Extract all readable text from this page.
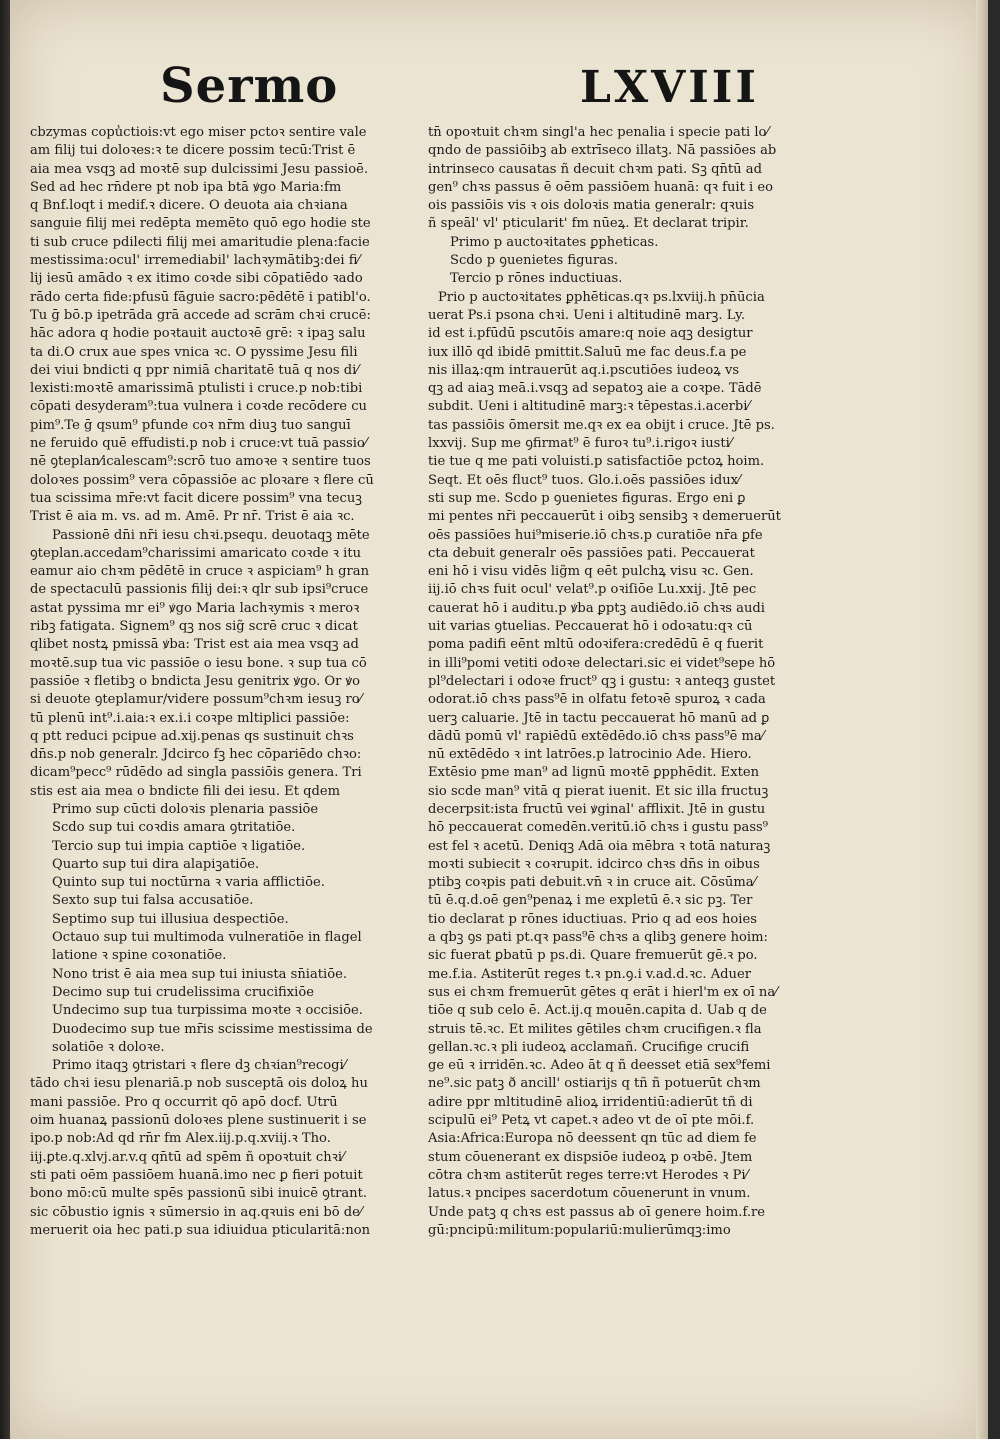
Sermo	LXVIII
cbzymas copu̾ctiois:vt ego miser pctoꝛ sentire vale
am filij tui doloꝛes:ꝛ te dicere possim tecū:Trist ē
aia mea vsqꝫ ad moꝛtē sup dulcissimi Jesu passioē.
Sed ad hec rn̄dere pt nob ipa btā ꝟgo Maria:fm
q Bnf.loqt i medif.ꝛ dicere. O deuota aia chꝛiana
sanguie filij mei redēpta memēto quō ego hodie ste
ti sub cruce pdilecti filij mei amaritudie plena:facie
mestissima:ocul' irremediabil' lachꝛymātibꝫ:dei fi⁄
lij iesū amādo ꝛ ex itimo coꝛde sibi cōpatiēdo ꝛado
rādo certa fide:pfusū fāguie sacro:pēdētē i patibl'o.
Tu ḡ bō.p ipetrāda grā accede ad scrām chꝛi crucē:
hāc adora q hodie poꝛtauit auctoꝛē grē: ꝛ ipaꝫ salu
ta di.O crux aue spes vnica ꝛc. O pyssime Jesu fili
dei viui bndicti q ppr nimiā charitatē tuā q nos di⁄
lexisti:moꝛtē amarissimā ptulisti i cruce.p nob:tibi
cōpati desyderam⁹:tua vulnera i coꝛde recōdere cu
pim⁹.Te ḡ qsum⁹ pfunde coꝛ nr̄m diuꝫ tuo sanguī
ne feruido quē effudisti.p nob i cruce:vt tuā passio⁄
nē ꝯteplan⁄icalescam⁹:scrō tuo amoꝛe ꝛ sentire tuos
doloꝛes possim⁹ vera cōpassiōe ac ploꝛare ꝛ flere cū
tua scissima mr̄e:vt facit dicere possim⁹ vna tecuꝫ
Trist ē aia m. vs. ad m. Amē. Pr nr̄. Trist ē aia ꝛc.
Passionē dn̄i nr̄i iesu chꝛi.psequ. deuotaqꝫ mēte
ꝯteplan.accedam⁹charissimi amaricato coꝛde ꝛ itu
eamur aio chꝛm pēdētē in cruce ꝛ aspiciam⁹ h gran
de spectaculū passionis filij dei:ꝛ qlr sub ipsi⁹cruce
astat pyssima mr ei⁹ ꝟgo Maria lachꝛymis ꝛ meroꝛ
ribꝫ fatigata. Signem⁹ qꝫ nos sig̃ scrē cruc ꝛ dicat
qlibet nostꝝ pmissā ꝟba: Trist est aia mea vsqꝫ ad
moꝛtē.sup tua vic passiōe o iesu bone. ꝛ sup tua cō
passiōe ꝛ fletibꝫ o bndicta Jesu genitrix ꝟgo. Or ꝟo
si deuote ꝯteplamur/videre possum⁹chꝛm iesuꝫ ro⁄
tū plenū int⁹.i.aia:ꝛ ex.i.i coꝛpe mltiplici passiōe:
q ptt reduci pcipue ad.xij.penas qs sustinuit chꝛs
dn̄s.p nob generalr. Jdcirco fꝫ hec cōpariēdo chꝛo:
dicam⁹pecc⁹ rūdēdo ad singla passiōis genera. Tri
stis est aia mea o bndicte fili dei iesu. Et qdem
Primo sup cūcti doloꝛis plenaria passiōe
Scdo sup tui coꝛdis amara ꝯtritatiōe.
Tercio sup tui impia captiōe ꝛ ligatiōe.
Quarto sup tui dira alapiꝫatiōe.
Quinto sup tui noctūrna ꝛ varia afflictiōe.
Sexto sup tui falsa accusatiōe.
Septimo sup tui illusiua despectiōe.
Octauo sup tui multimoda vulneratiōe in flagel
latione ꝛ spine coꝛonatiōe.
Nono trist ē aia mea sup tui iniusta sn̄iatiōe.
Decimo sup tui crudelissima crucifixiōe
Undecimo sup tua turpissima moꝛte ꝛ occisiōe.
Duodecimo sup tue mr̄is scissime mestissima de
solatiōe ꝛ doloꝛe.
Primo itaqꝫ ꝯtristari ꝛ flere dꝫ chꝛian⁹recogi⁄
tādo chꝛi iesu plenariā.p nob susceptā ois doloꝝ hu
mani passiōe. Pro q occurrit qō apō docf. Utrū
oim huanaꝝ passionū doloꝛes plene sustinuerit i se
ipo.p nob:Ad qd rn̄r fm Alex.iij.p.q.xviij.ꝛ Tho.
iij.ꝑte.q.xlvj.ar.v.q qn̄tū ad spēm ñ opoꝛtuit chꝛi⁄
sti pati oēm passiōem huanā.imo nec ꝑ fieri potuit
bono mō:cū multe spēs passionū sibi inuicē ꝯtrant.
sic cōbustio ignis ꝛ sūmersio in aq.qꝛuis eni bō de⁄
meruerit oia hec pati.p sua idiuidua pticularitā:non
tn̄ opoꝛtuit chꝛm singl'a hec penalia i specie pati lo⁄
qndo de passiōibꝫ ab extrīseco illatꝫ. Nā passiōes ab
intrinseco causatas ñ decuit chꝛm pati. Sꝫ qn̄tū ad
gen⁹ chꝛs passus ē oēm passiōem huanā: qꝛ fuit i eo
ois passiōis vis ꝛ ois doloꝛis matia generalr: qꝛuis
ñ speāl' vl' pticularit' fm nūeꝝ. Et declarat tripir.
Primo p auctoꝛitates ꝑpheticas.
Scdo p ꝯuenietes figuras.
Tercio p rōnes inductiuas.
Prio p auctoꝛitates ꝑphēticas.qꝛ ps.lxviij.h pn̄ūcia
uerat Ps.i psona chꝛi. Ueni i altitudinē marꝫ. Ly.
id est i.pfūdū pscutōis amare:q noie aqꝫ desigtur
iux illō qd ibidē pmittit.Saluū me fac deus.f.a pe
nis illaꝝ:qm intrauerūt aq.i.pscutiōes iudeoꝝ vs
qꝫ ad aiaꝫ meā.i.vsqꝫ ad sepatoꝫ aie a coꝛpe. Tādē
subdit. Ueni i altitudinē marꝫ:ꝛ tēpestas.i.acerbi⁄
tas passiōis ōmersit me.qꝛ ex ea obijt i cruce. Jtē ps.
lxxvij. Sup me ꝯfirmat⁹ ē furoꝛ tu⁹.i.rigoꝛ iusti⁄
tie tue q me pati voluisti.p satisfactiōe pctoꝝ hoim.
Seqt. Et oēs fluct⁹ tuos. Glo.i.oēs passiōes idux⁄
sti sup me. Scdo p ꝯuenietes figuras. Ergo eni ꝑ
mi pentes nr̄i peccauerūt i oibꝫ sensibꝫ ꝛ demeruerūt
oēs passiōes hui⁹miserie.iō chꝛs.p curatiōe nr̄a ꝑfe
cta debuit generalr oēs passiōes pati. Peccauerat
eni hō i visu vidēs lig̃m q eēt pulchꝝ visu ꝛc. Gen.
iij.iō chꝛs fuit ocul' velat⁹.p oꝛiſiōe Lu.xxij. Jtē pec
cauerat hō i auditu.p ꝟba ꝑptꝫ audiēdo.iō chꝛs audi
uit varias ꝯtuelias. Peccauerat hō i odoꝛatu:qꝛ cū
poma padifi eēnt mltū odoꝛifera:credēdū ē q fuerit
in illi⁹pomi vetiti odoꝛe delectari.sic ei videt⁹sepe hō
pl⁹delectari i odoꝛe fruct⁹ qꝫ i gustu: ꝛ anteqꝫ gustet
odorat.iō chꝛs pass⁹ē in olfatu fetoꝛē spuroꝝ ꝛ cada
uerꝫ caluarie. Jtē in tactu peccauerat hō manū ad ꝑ
dādū pomū vl' rapiēdū extēdēdo.iō chꝛs pass⁹ē ma⁄
nū extēdēdo ꝛ int latrōes.p latrocinio Ade. Hiero.
Extēsio pme man⁹ ad lignū moꝛtē ꝑpphēdit. Exten
sio scde man⁹ vitā q pierat iuenit. Et sic illa fructuꝫ
decerpsit:ista fructū vei ꝟginal' afflixit. Jtē in gustu
hō peccauerat comedēn.veritū.iō chꝛs i gustu pass⁹
est fel ꝛ acetū. Deniqꝫ Adā oia mēbra ꝛ totā naturaꝫ
moꝛti subiecit ꝛ coꝛrupit. idcirco chꝛs dn̄s in oibus
ptibꝫ coꝛpis pati debuit.vn̄ ꝛ in cruce ait. Cōsūma⁄
tū ē.q.d.oē gen⁹penaꝝ i me expletū ē.ꝛ sic pꝫ. Ter
tio declarat p rōnes iductiuas. Prio q ad eos hoies
a qbꝫ ꝯs pati pt.qꝛ pass⁹ē chꝛs a qlibꝫ genere hoim:
sic fuerat ꝑbatū p ps.di. Quare fremuerūt gē.ꝛ po.
me.f.ia. Astiterūt reges t.ꝛ pn.ꝯ.i v.ad.d.ꝛc. Aduer
sus ei chꝛm fremuerūt gētes q erāt i hierl'm ex oī na⁄
tiōe q sub celo ē. Act.ij.q mouēn.capita d. Uab q de
struis tē.ꝛc. Et milites gētiles chꝛm crucifigen.ꝛ fla
gellan.ꝛc.ꝛ pli iudeoꝝ acclamañ. Crucifige crucifi
ge eū ꝛ irridēn.ꝛc. Adeo āt q ñ deesset etiā sex⁹femi
ne⁹.sic patꝫ ð ancill' ostiarijs q tñ ñ potuerūt chꝛm
adire ppr mltitudinē alioꝝ irridentiū:adierūt tñ di
scipulū ei⁹ Petꝝ vt capet.ꝛ adeo vt de oī pte mōi.f.
Asia:Africa:Europa nō deessent qn tūc ad diem fe
stum cōuenerant ex dispsiōe iudeoꝝ p oꝛbē. Jtem
cōtra chꝛm astiterūt reges terre:vt Herodes ꝛ Pi⁄
latus.ꝛ pncipes sacerdotum cōuenerunt in vnum.
Unde patꝫ q chꝛs est passus ab oī genere hoim.f.re
gū:pncipū:militum:populariū:mulierūmqꝫ:imo
